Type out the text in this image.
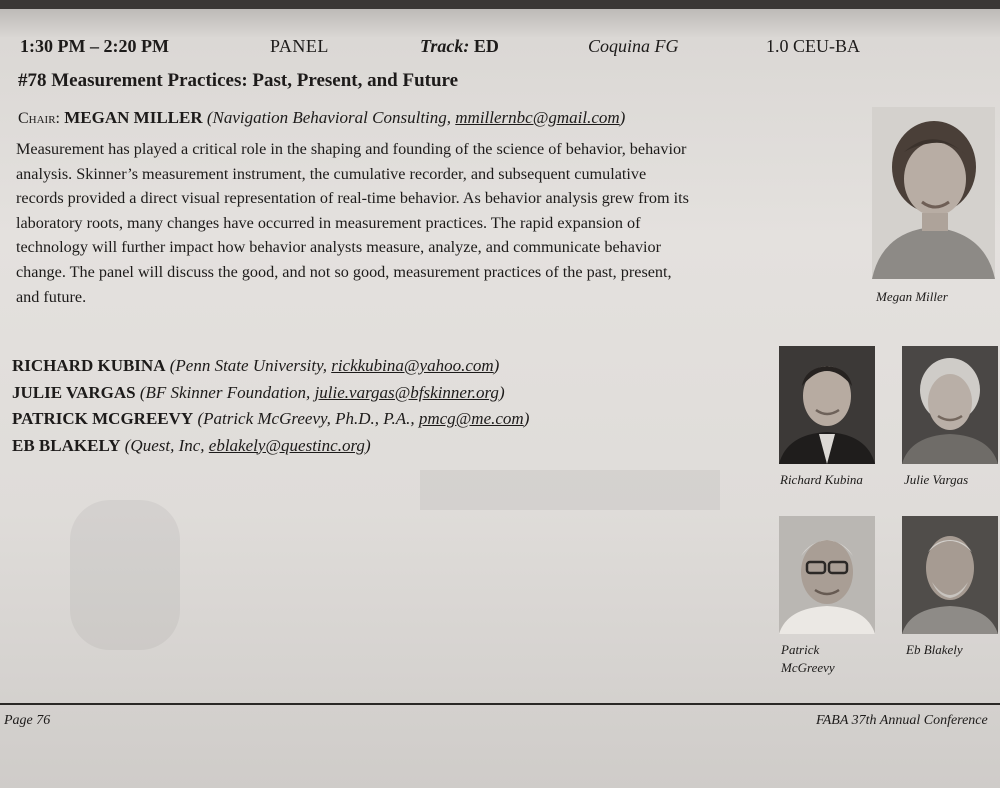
1:30 PM – 2:20 PM	PANEL	Track: ED	Coquina FG	1.0 CEU-BA
#78 Measurement Practices: Past, Present, and Future
Chair: MEGAN MILLER (Navigation Behavioral Consulting, mmillernbc@gmail.com)

Measurement has played a critical role in the shaping and founding of the science of behavior, behavior
analysis. Skinner’s measurement instrument, the cumulative recorder, and subsequent cumulative
records provided a direct visual representation of real-time behavior. As behavior analysis grew from its
laboratory roots, many changes have occurred in measurement practices. The rapid expansion of
technology will further impact how behavior analysts measure, analyze, and communicate behavior
change. The panel will discuss the good, and not so good, measurement practices of the past, present,
and future.	Megan Miller
RICHARD KUBINA (Penn State University, rickkubina@yahoo.com)
JULIE VARGAS (BF Skinner Foundation, julie.vargas@bfskinner.org)
PATRICK MCGREEVY (Patrick McGreevy, Ph.D., P.A., pmcg@me.com)
EB BLAKELY (Quest, Inc, eblakely@questinc.org)
Richard Kubina	Julie Vargas
Patrick
McGreevy
Eb Blakely
Page 76	FABA 37th Annual Conference
